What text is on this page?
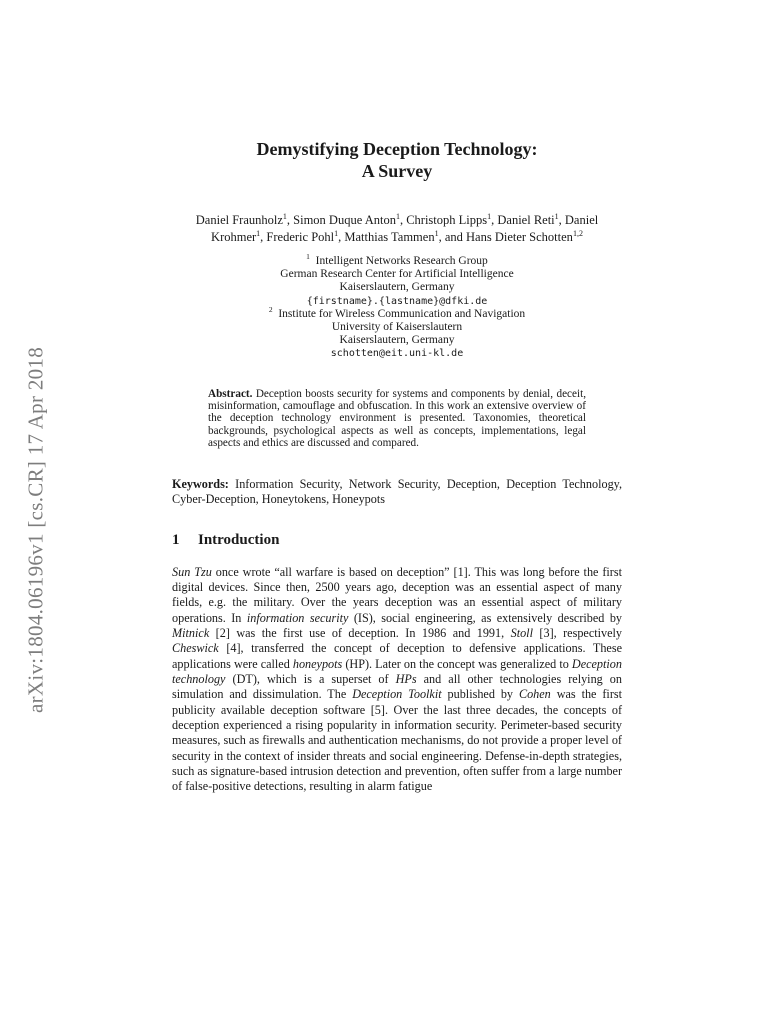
arXiv:1804.06196v1 [cs.CR] 17 Apr 2018
Demystifying Deception Technology:
A Survey
Daniel Fraunholz$^1$, Simon Duque Anton$^1$, Christoph Lipps$^1$, Daniel Reti$^1$, Daniel Krohmer$^1$, Frederic Pohl$^1$, Matthias Tammen$^1$, and Hans Dieter Schotten$^{1,2}$
$^1$ Intelligent Networks Research Group
German Research Center for Artificial Intelligence
Kaiserslautern, Germany
{firstname}.{lastname}@dfki.de
$^2$ Institute for Wireless Communication and Navigation
University of Kaiserslautern
Kaiserslautern, Germany
schotten@eit.uni-kl.de
Abstract. Deception boosts security for systems and components by denial, deceit, misinformation, camouflage and obfuscation. In this work an extensive overview of the deception technology environment is presented. Taxonomies, theoretical backgrounds, psychological aspects as well as concepts, implementations, legal aspects and ethics are discussed and compared.
Keywords: Information Security, Network Security, Deception, Deception Technology, Cyber-Deception, Honeytokens, Honeypots
1 Introduction
Sun Tzu once wrote “all warfare is based on deception” [1]. This was long before the first digital devices. Since then, 2500 years ago, deception was an essential aspect of many fields, e.g. the military. Over the years deception was an essential aspect of military operations. In information security (IS), social engineering, as extensively described by Mitnick [2] was the first use of deception. In 1986 and 1991, Stoll [3], respectively Cheswick [4], transferred the concept of deception to defensive applications. These applications were called honeypots (HP). Later on the concept was generalized to Deception technology (DT), which is a superset of HPs and all other technologies relying on simulation and dissimulation. The Deception Toolkit published by Cohen was the first publicity available deception software [5]. Over the last three decades, the concepts of deception experienced a rising popularity in information security. Perimeter-based security measures, such as firewalls and authentication mechanisms, do not provide a proper level of security in the context of insider threats and social engineering. Defense-in-depth strategies, such as signature-based intrusion detection and prevention, often suffer from a large number of false-positive detections, resulting in alarm fatigue
